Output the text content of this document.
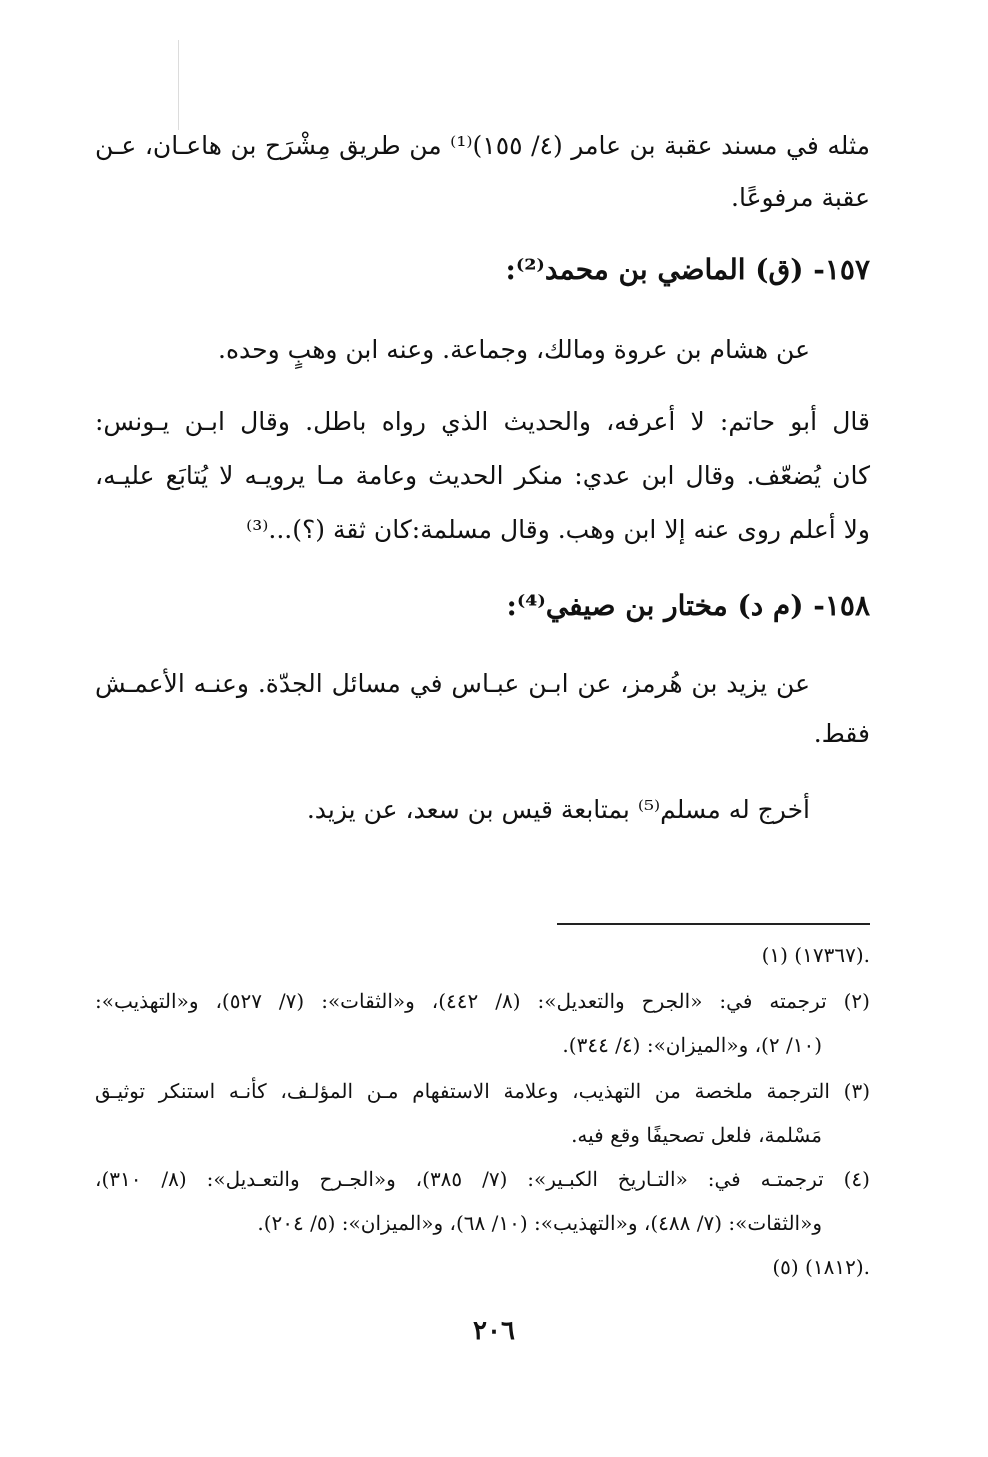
مثله في مسند عقبة بن عامر (٤/ ١٥٥)⁽¹⁾ من طريق مِشْرَح بن هاعـان، عـن
عقبة مرفوعًا.
١٥٧- (ق) الماضي بن محمد⁽²⁾:
عن هشام بن عروة ومالك، وجماعة. وعنه ابن وهبٍ وحده.
قال أبو حاتم: لا أعرفه، والحديث الذي رواه باطل. وقال ابـن يـونس:
كان يُضعّف. وقال ابن عدي: منكر الحديث وعامة مـا يرويـه لا يُتابَع عليـه،
ولا أعلم روى عنه إلا ابن وهب. وقال مسلمة:كان ثقة (؟)...⁽³⁾
١٥٨- (م د) مختار بن صيفي⁽⁴⁾:
عن يزيد بن هُرمز، عن ابـن عبـاس في مسائل الجدّة. وعنـه الأعمـش
فقط.
أخرج له مسلم⁽⁵⁾ بمتابعة قيس بن سعد، عن يزيد.
(١) (١٧٣٦٧).
(٢) ترجمته في: «الجرح والتعديل»: (٨/ ٤٤٢)، و«الثقات»: (٧/ ٥٢٧)، و«التهذيب»:
(١٠/ ٢)، و«الميزان»: (٤/ ٣٤٤).
(٣) الترجمة ملخصة من التهذيب، وعلامة الاستفهام مـن المؤلـف، كأنـه استنكر توثيـق
مَسْلمة، فلعل تصحيفًا وقع فيه.
(٤) ترجمتـه في: «التـاريخ الكبـير»: (٧/ ٣٨٥)، و«الجـرح والتعـديل»: (٨/ ٣١٠)،
و«الثقات»: (٧/ ٤٨٨)، و«التهذيب»: (١٠/ ٦٨)، و«الميزان»: (٥/ ٢٠٤).
(٥) (١٨١٢).
٢٠٦
